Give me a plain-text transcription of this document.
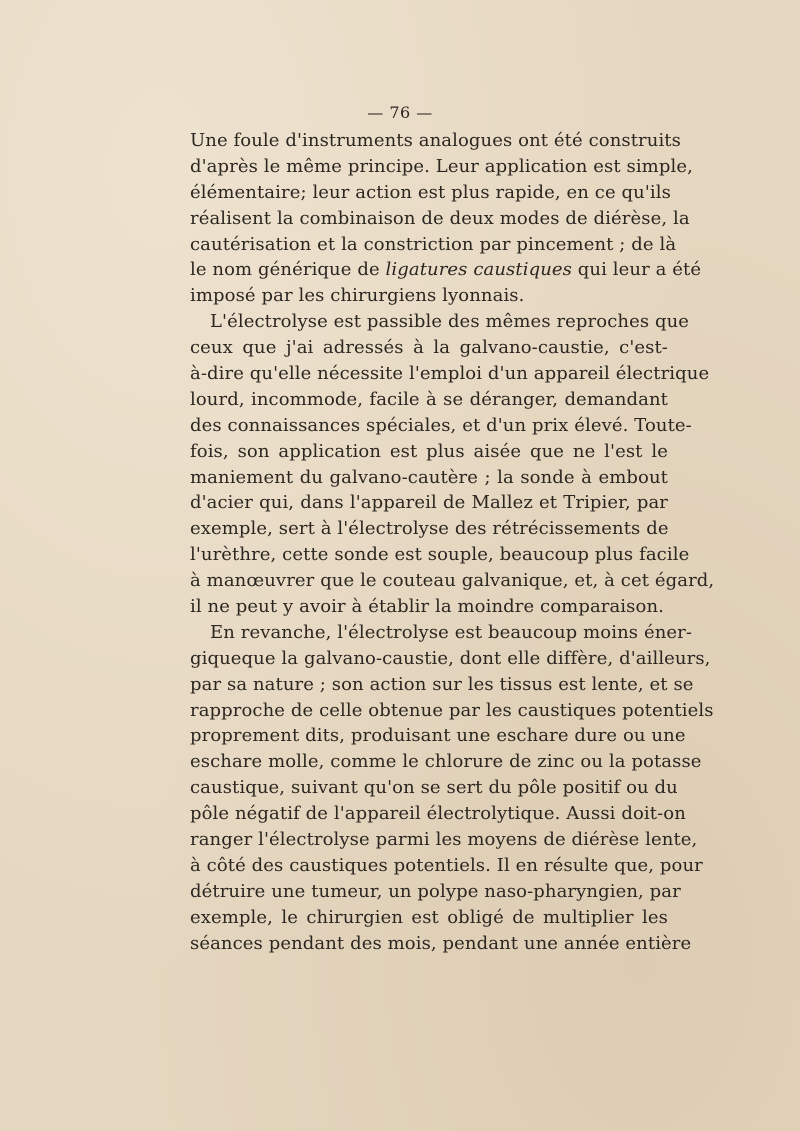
— 76 —
Une foule d'instruments analogues ont été construits
d'après le même principe. Leur application est simple,
élémentaire; leur action est plus rapide, en ce qu'ils
réalisent la combinaison de deux modes de diérèse, la
cautérisation et la constriction par pincement ; de là
le nom générique de ligatures caustiques qui leur a été
imposé par les chirurgiens lyonnais.
L'électrolyse est passible des mêmes reproches que
ceux que j'ai adressés à la galvano-caustie, c'est-
à-dire qu'elle nécessite l'emploi d'un appareil électrique
lourd, incommode, facile à se déranger, demandant
des connaissances spéciales, et d'un prix élevé. Toute-
fois, son application est plus aisée que ne l'est le
maniement du galvano-cautère ; la sonde à embout
d'acier qui, dans l'appareil de Mallez et Tripier, par
exemple, sert à l'électrolyse des rétrécissements de
l'urèthre, cette sonde est souple, beaucoup plus facile
à manœuvrer que le couteau galvanique, et, à cet égard,
il ne peut y avoir à établir la moindre comparaison.
En revanche, l'électrolyse est beaucoup moins éner-
giqueque la galvano-caustie, dont elle diffère, d'ailleurs,
par sa nature ; son action sur les tissus est lente, et se
rapproche de celle obtenue par les caustiques potentiels
proprement dits, produisant une eschare dure ou une
eschare molle, comme le chlorure de zinc ou la potasse
caustique, suivant qu'on se sert du pôle positif ou du
pôle négatif de l'appareil électrolytique. Aussi doit-on
ranger l'électrolyse parmi les moyens de diérèse lente,
à côté des caustiques potentiels. Il en résulte que, pour
détruire une tumeur, un polype naso-pharyngien, par
exemple, le chirurgien est obligé de multiplier les
séances pendant des mois, pendant une année entière
